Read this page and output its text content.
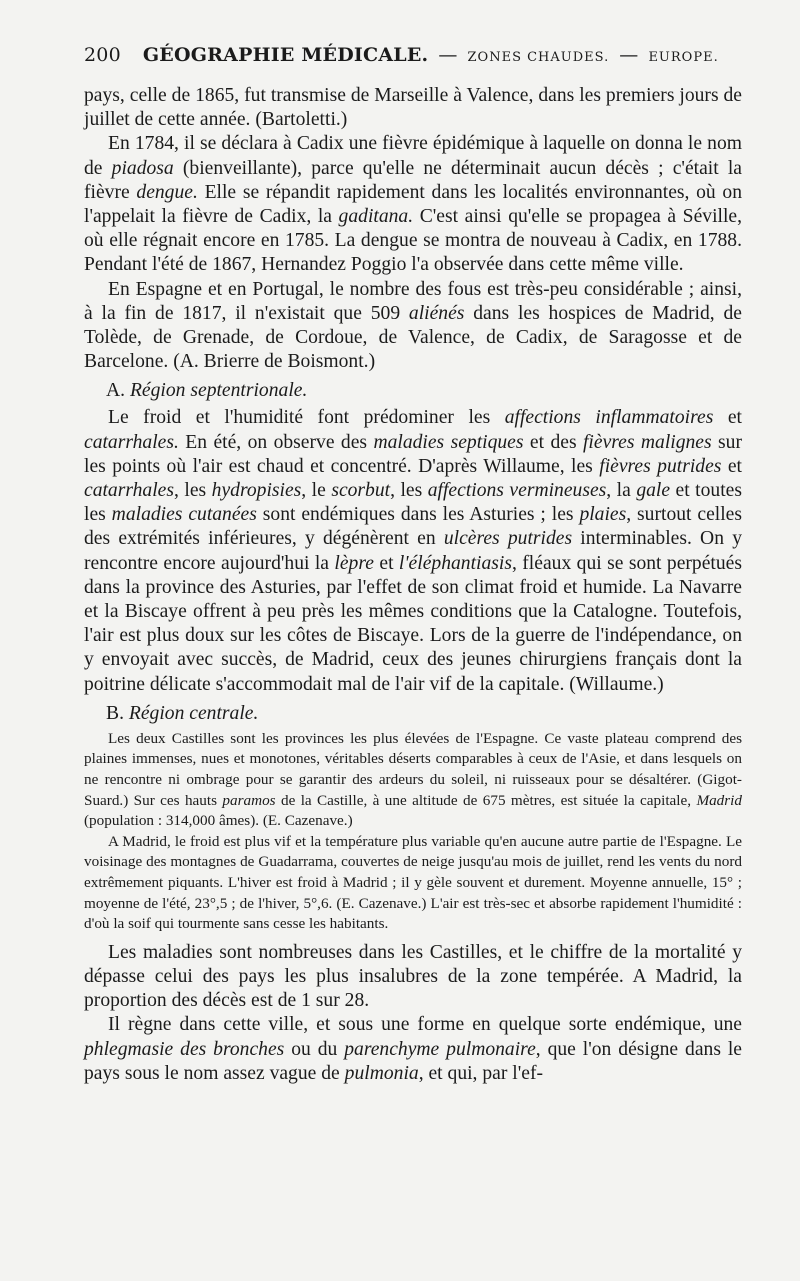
200 GÉOGRAPHIE MÉDICALE. — ZONES CHAUDES. — EUROPE.

pays, celle de 1865, fut transmise de Marseille à Valence, dans les premiers jours de juillet de cette année. (Bartoletti.)

En 1784, il se déclara à Cadix une fièvre épidémique à laquelle on donna le nom de piadosa (bienveillante), parce qu'elle ne déterminait aucun décès ; c'était la fièvre dengue. Elle se répandit rapidement dans les localités environnantes, où on l'appelait la fièvre de Cadix, la gaditana. C'est ainsi qu'elle se propagea à Séville, où elle régnait encore en 1785. La dengue se montra de nouveau à Cadix, en 1788. Pendant l'été de 1867, Hernandez Poggio l'a observée dans cette même ville.

En Espagne et en Portugal, le nombre des fous est très-peu considérable ; ainsi, à la fin de 1817, il n'existait que 509 aliénés dans les hospices de Madrid, de Tolède, de Grenade, de Cordoue, de Valence, de Cadix, de Saragosse et de Barcelone. (A. Brierre de Boismont.)

A. Région septentrionale.

Le froid et l'humidité font prédominer les affections inflammatoires et catarrhales. En été, on observe des maladies septiques et des fièvres malignes sur les points où l'air est chaud et concentré. D'après Willaume, les fièvres putrides et catarrhales, les hydropisies, le scorbut, les affections vermineuses, la gale et toutes les maladies cutanées sont endémiques dans les Asturies ; les plaies, surtout celles des extrémités inférieures, y dégénèrent en ulcères putrides interminables. On y rencontre encore aujourd'hui la lèpre et l'éléphantiasis, fléaux qui se sont perpétués dans la province des Asturies, par l'effet de son climat froid et humide. La Navarre et la Biscaye offrent à peu près les mêmes conditions que la Catalogne. Toutefois, l'air est plus doux sur les côtes de Biscaye. Lors de la guerre de l'indépendance, on y envoyait avec succès, de Madrid, ceux des jeunes chirurgiens français dont la poitrine délicate s'accommodait mal de l'air vif de la capitale. (Willaume.)

B. Région centrale.

Les deux Castilles sont les provinces les plus élevées de l'Espagne. Ce vaste plateau comprend des plaines immenses, nues et monotones, véritables déserts comparables à ceux de l'Asie, et dans lesquels on ne rencontre ni ombrage pour se garantir des ardeurs du soleil, ni ruisseaux pour se désaltérer. (Gigot-Suard.) Sur ces hauts paramos de la Castille, à une altitude de 675 mètres, est située la capitale, Madrid (population : 314,000 âmes). (E. Cazenave.)

A Madrid, le froid est plus vif et la température plus variable qu'en aucune autre partie de l'Espagne. Le voisinage des montagnes de Guadarrama, couvertes de neige jusqu'au mois de juillet, rend les vents du nord extrêmement piquants. L'hiver est froid à Madrid ; il y gèle souvent et durement. Moyenne annuelle, 15° ; moyenne de l'été, 23°,5 ; de l'hiver, 5°,6. (E. Cazenave.) L'air est très-sec et absorbe rapidement l'humidité : d'où la soif qui tourmente sans cesse les habitants.

Les maladies sont nombreuses dans les Castilles, et le chiffre de la mortalité y dépasse celui des pays les plus insalubres de la zone tempérée. A Madrid, la proportion des décès est de 1 sur 28.

Il règne dans cette ville, et sous une forme en quelque sorte endémique, une phlegmasie des bronches ou du parenchyme pulmonaire, que l'on désigne dans le pays sous le nom assez vague de pulmonia, et qui, par l'ef-
